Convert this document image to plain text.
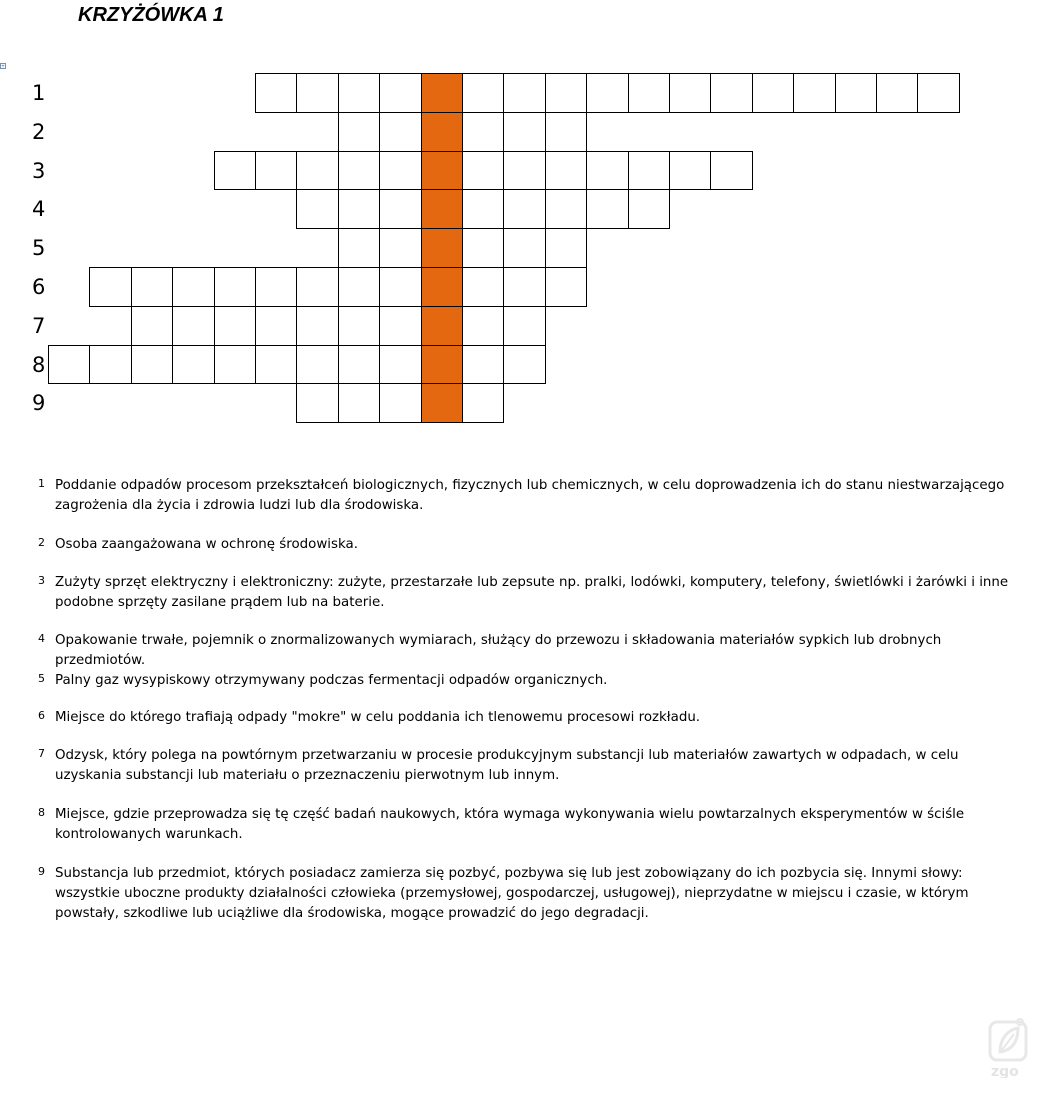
KRZYŻÓWKA 1
+
1
2
3
4
5
6
7
8
9
1 Poddanie odpadów procesom przekształceń biologicznych, fizycznych lub chemicznych, w celu doprowadzenia ich do stanu niestwarzającego zagrożenia dla życia i zdrowia ludzi lub dla środowiska.
2 Osoba zaangażowana w ochronę środowiska.
3 Zużyty sprzęt elektryczny i elektroniczny: zużyte, przestarzałe lub zepsute np. pralki, lodówki, komputery, telefony, świetlówki i żarówki i inne podobne sprzęty zasilane prądem lub na baterie.
4 Opakowanie trwałe, pojemnik o znormalizowanych wymiarach, służący do przewozu i składowania materiałów sypkich lub drobnych przedmiotów.
5 Palny gaz wysypiskowy otrzymywany podczas fermentacji odpadów organicznych.
6 Miejsce do którego trafiają odpady "mokre" w celu poddania ich tlenowemu procesowi rozkładu.
7 Odzysk, który polega na powtórnym przetwarzaniu w procesie produkcyjnym substancji lub materiałów zawartych w odpadach, w celu uzyskania substancji lub materiału o przeznaczeniu pierwotnym lub innym.
8 Miejsce, gdzie przeprowadza się tę część badań naukowych, która wymaga wykonywania wielu powtarzalnych eksperymentów w ściśle kontrolowanych warunkach.
9 Substancja lub przedmiot, których posiadacz zamierza się pozbyć, pozbywa się lub jest zobowiązany do ich pozbycia się. Innymi słowy: wszystkie uboczne produkty działalności człowieka (przemysłowej, gospodarczej, usługowej), nieprzydatne w miejscu i czasie, w którym powstały, szkodliwe lub uciążliwe dla środowiska, mogące prowadzić do jego degradacji.
zgo
